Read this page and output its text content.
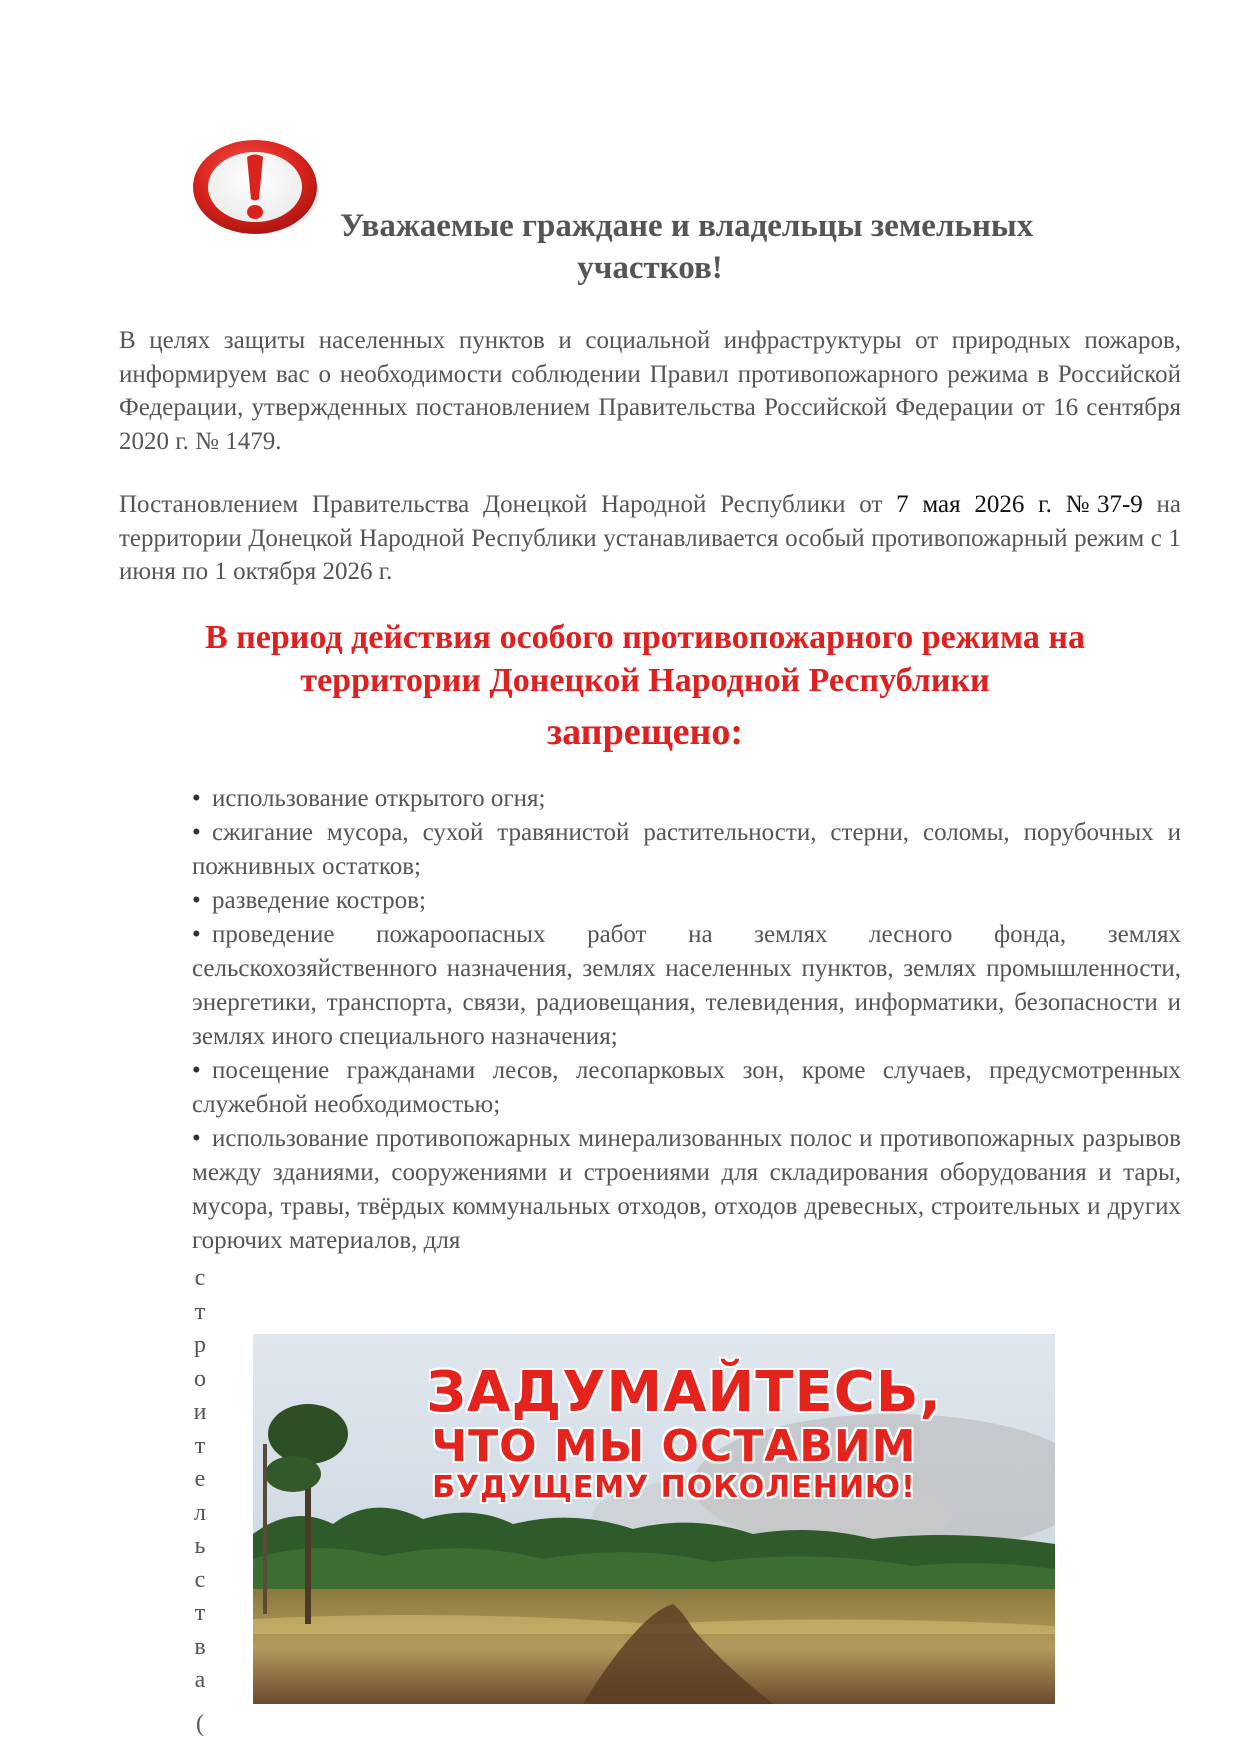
Уважаемые граждане и владельцы земельных
участков!
В целях защиты населенных пунктов и социальной инфраструктуры от природных пожаров, информируем вас о необходимости соблюдении Правил противопожарного режима в Российской Федерации, утвержденных постановлением Правительства Российской Федерации от 16 сентября 2020 г. № 1479.
Постановлением Правительства Донецкой Народной Республики от 7 мая 2026 г. №37-9 на территории Донецкой Народной Республики устанавливается особый противопожарный режим с 1 июня по 1 октября 2026 г.
В период действия особого противопожарного режима на
территории Донецкой Народной Республики
запрещено:
• использование открытого огня;
• сжигание мусора, сухой травянистой растительности, стерни, соломы, порубочных и пожнивных остатков;
• разведение костров;
• проведение пожароопасных работ на землях лесного фонда, землях сельскохозяйственного назначения, землях населенных пунктов, землях промышленности, энергетики, транспорта, связи, радиовещания, телевидения, информатики, безопасности и землях иного специального назначения;
• посещение гражданами лесов, лесопарковых зон, кроме случаев, предусмотренных служебной необходимостью;
• использование противопожарных минерализованных полос и противопожарных разрывов между зданиями, сооружениями и строениями для складирования оборудования и тары, мусора, травы, твёрдых коммунальных отходов, отходов древесных, строительных и других горючих материалов, для
с
т
р
о
и
т
е
л
ь
с
т
в
а
(
ЗАДУМАЙТЕСЬ,
ЧТО МЫ ОСТАВИМ
БУДУЩЕМУ ПОКОЛЕНИЮ!
